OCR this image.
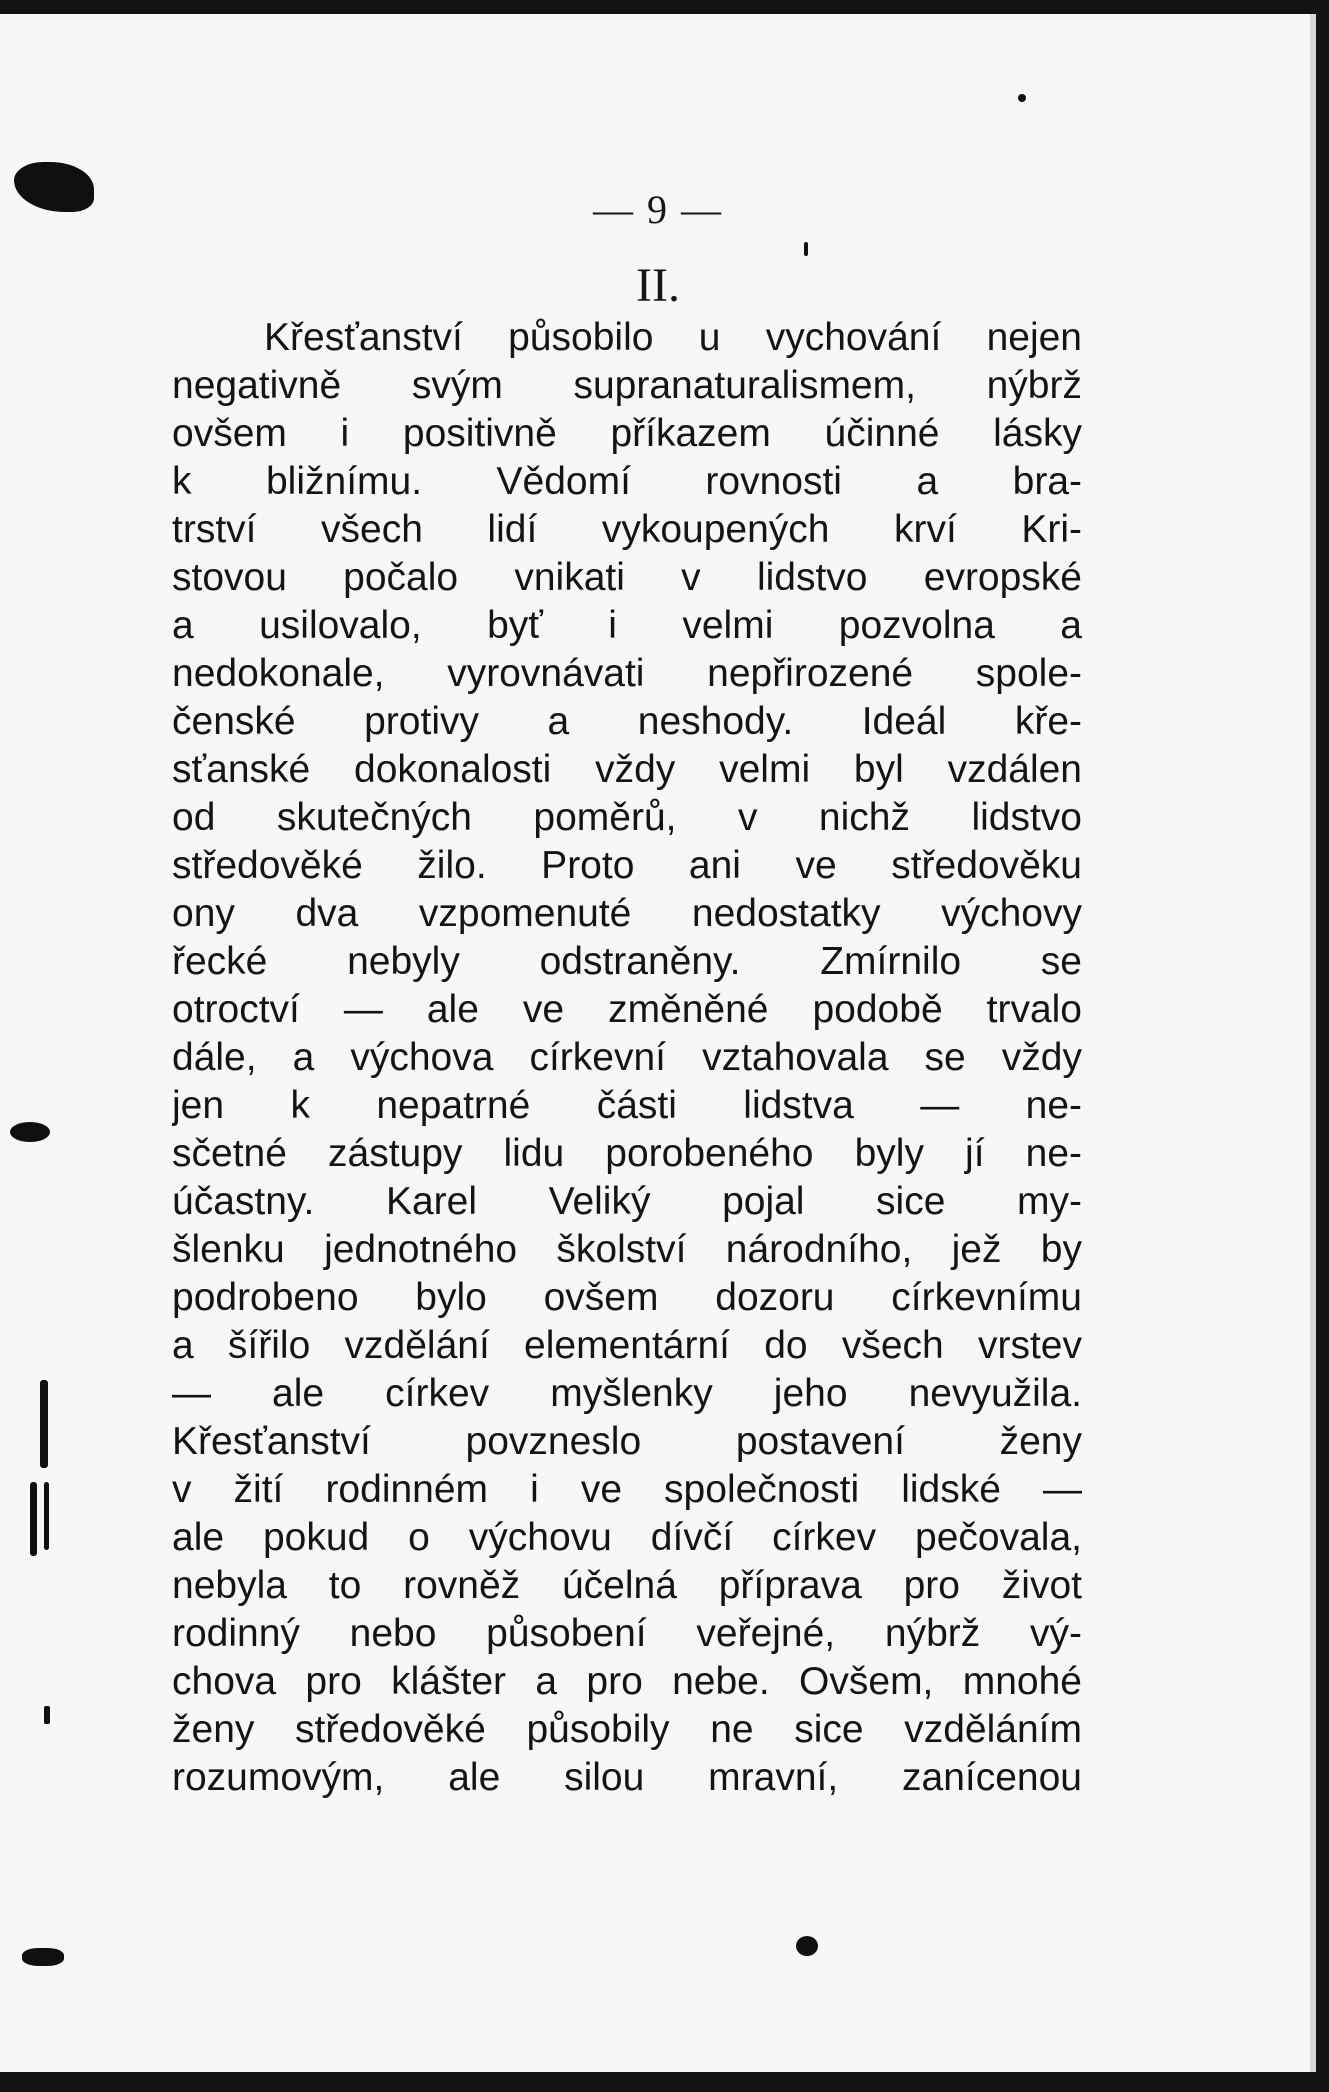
— 9 —
II.
Křesťanství působilo u vychování nejen
negativně svým supranaturalismem, nýbrž
ovšem i positivně příkazem účinné lásky
k bližnímu. Vědomí rovnosti a bra-
trství všech lidí vykoupených krví Kri-
stovou počalo vnikati v lidstvo evropské
a usilovalo, byť i velmi pozvolna a
nedokonale, vyrovnávati nepřirozené spole-
čenské protivy a neshody. Ideál kře-
sťanské dokonalosti vždy velmi byl vzdálen
od skutečných poměrů, v nichž lidstvo
středověké žilo. Proto ani ve středověku
ony dva vzpomenuté nedostatky výchovy
řecké nebyly odstraněny. Zmírnilo se
otroctví — ale ve změněné podobě trvalo
dále, a výchova církevní vztahovala se vždy
jen k nepatrné části lidstva — ne-
sčetné zástupy lidu porobeného byly jí ne-
účastny. Karel Veliký pojal sice my-
šlenku jednotného školství národního, jež by
podrobeno bylo ovšem dozoru církevnímu
a šířilo vzdělání elementární do všech vrstev
— ale církev myšlenky jeho nevyužila.
Křesťanství povzneslo postavení ženy
v žití rodinném i ve společnosti lidské —
ale pokud o výchovu dívčí církev pečovala,
nebyla to rovněž účelná příprava pro život
rodinný nebo působení veřejné, nýbrž vý-
chova pro klášter a pro nebe. Ovšem, mnohé
ženy středověké působily ne sice vzděláním
rozumovým, ale silou mravní, zanícenou
